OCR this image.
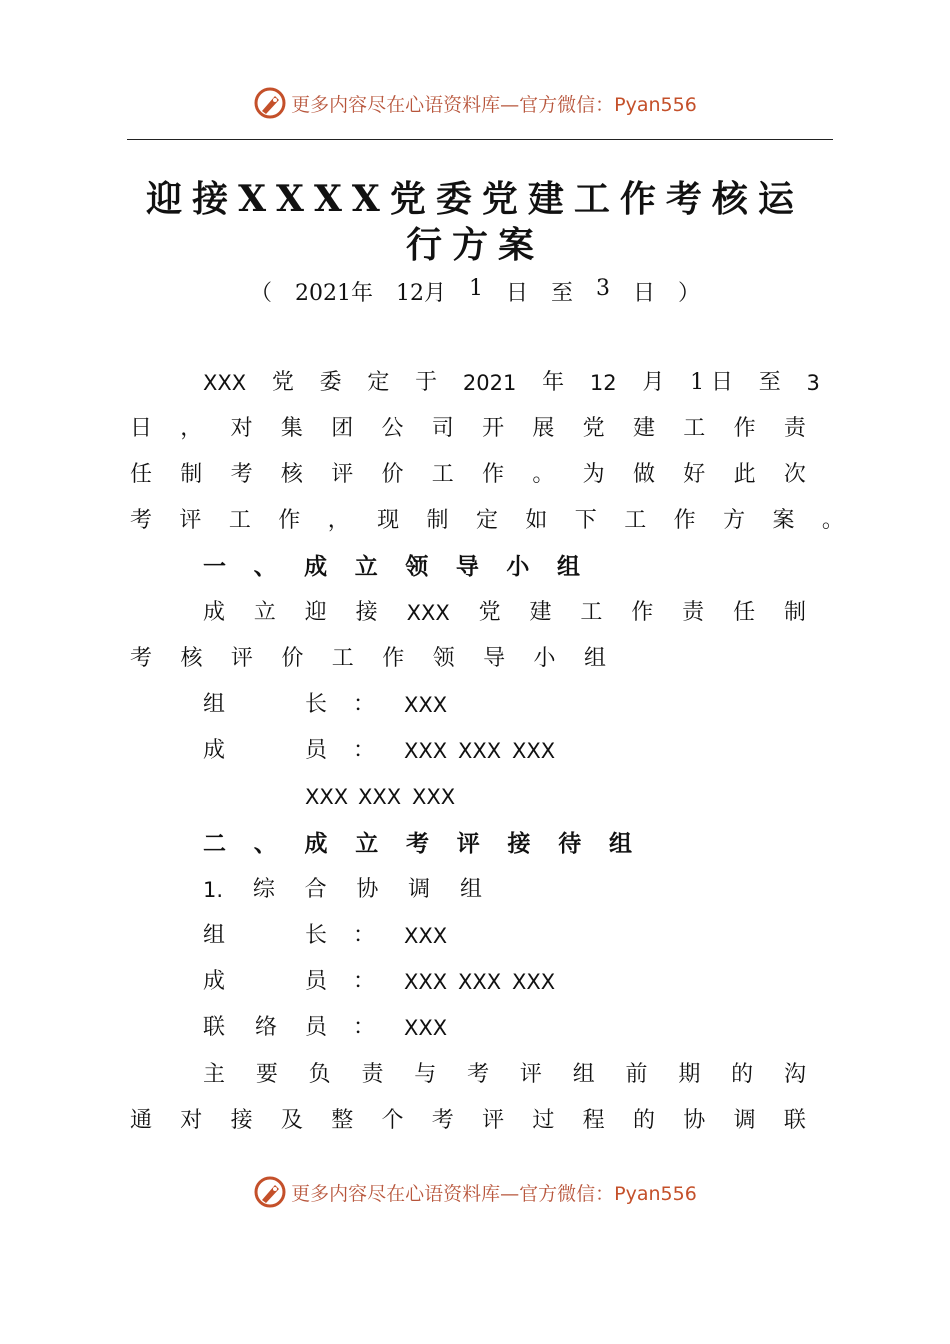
更多内容尽在心语资料库—官方微信：Pyan556
迎接XXXX党委党建工作考核运
行方案
（ 2021年 12月 1 日 至 3 日 ）
XXX 党 委 定 于 2021 年 12 月 1 日 至 3
日 ， 对 集 团 公 司 开 展 党 建 工 作 责
任 制 考 核 评 价 工 作 。 为 做 好 此 次
考 评 工 作 ， 现 制 定 如 下 工 作 方 案 。
一 、 成 立 领 导 小 组
成 立 迎 接 XXX 党 建 工 作 责 任 制
考 核 评 价 工 作 领 导 小 组
组	长 ： XXX
成	员 ： XXX XXX XXX
XXX XXX XXX
二 、 成 立 考 评 接 待 组
1. 综 合 协 调 组
组	长 ： XXX
成	员 ： XXX XXX XXX
联 络 员 ： XXX
主 要 负 责 与 考 评 组 前 期 的 沟
通 对 接 及 整 个 考 评 过 程 的 协 调 联
更多内容尽在心语资料库—官方微信：Pyan556
